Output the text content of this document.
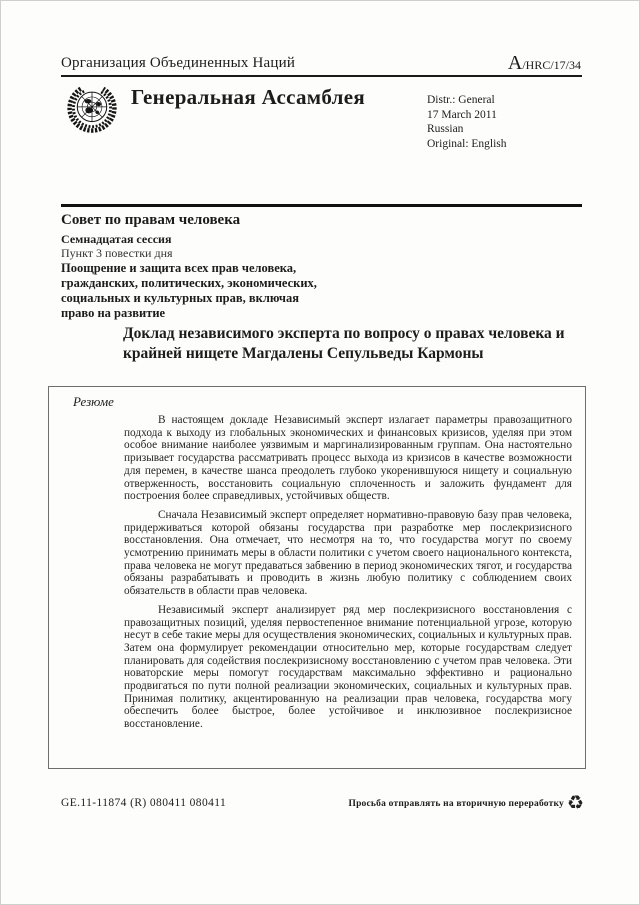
Организация Объединенных Наций	A/HRC/17/34
Генеральная Ассамблея	Distr.: General
17 March 2011
Russian
Original: English
Совет по правам человека
Семнадцатая сессия
Пункт 3 повестки дня
Поощрение и защита всех прав человека,
гражданских, политических, экономических,
социальных и культурных прав, включая
право на развитие
Доклад независимого эксперта по вопросу о правах человека и крайней нищете Магдалены Сепульведы Кармоны
Резюме

В настоящем докладе Независимый эксперт излагает параметры правозащитного подхода к выходу из глобальных экономических и финансовых кризисов, уделяя при этом особое внимание наиболее уязвимым и маргинализированным группам. Она настоятельно призывает государства рассматривать процесс выхода из кризисов в качестве возможности для перемен, в качестве шанса преодолеть глубоко укоренившуюся нищету и социальную отверженность, восстановить социальную сплоченность и заложить фундамент для построения более справедливых, устойчивых обществ.

Сначала Независимый эксперт определяет нормативно-правовую базу прав человека, придерживаться которой обязаны государства при разработке мер послекризисного восстановления. Она отмечает, что несмотря на то, что государства могут по своему усмотрению принимать меры в области политики с учетом своего национального контекста, права человека не могут предаваться забвению в период экономических тягот, и государства обязаны разрабатывать и проводить в жизнь любую политику с соблюдением своих обязательств в области прав человека.

Независимый эксперт анализирует ряд мер послекризисного восстановления с правозащитных позиций, уделяя первостепенное внимание потенциальной угрозе, которую несут в себе такие меры для осуществления экономических, социальных и культурных прав. Затем она формулирует рекомендации относительно мер, которые государствам следует планировать для содействия послекризисному восстановлению с учетом прав человека. Эти новаторские меры помогут государствам максимально эффективно и рационально продвигаться по пути полной реализации экономических, социальных и культурных прав. Принимая политику, акцентированную на реализации прав человека, государства могу обеспечить более быстрое, более устойчивое и инклюзивное послекризисное восстановление.

GE.11-11874 (R) 080411 080411	Просьба отправлять на вторичную переработку ♻
